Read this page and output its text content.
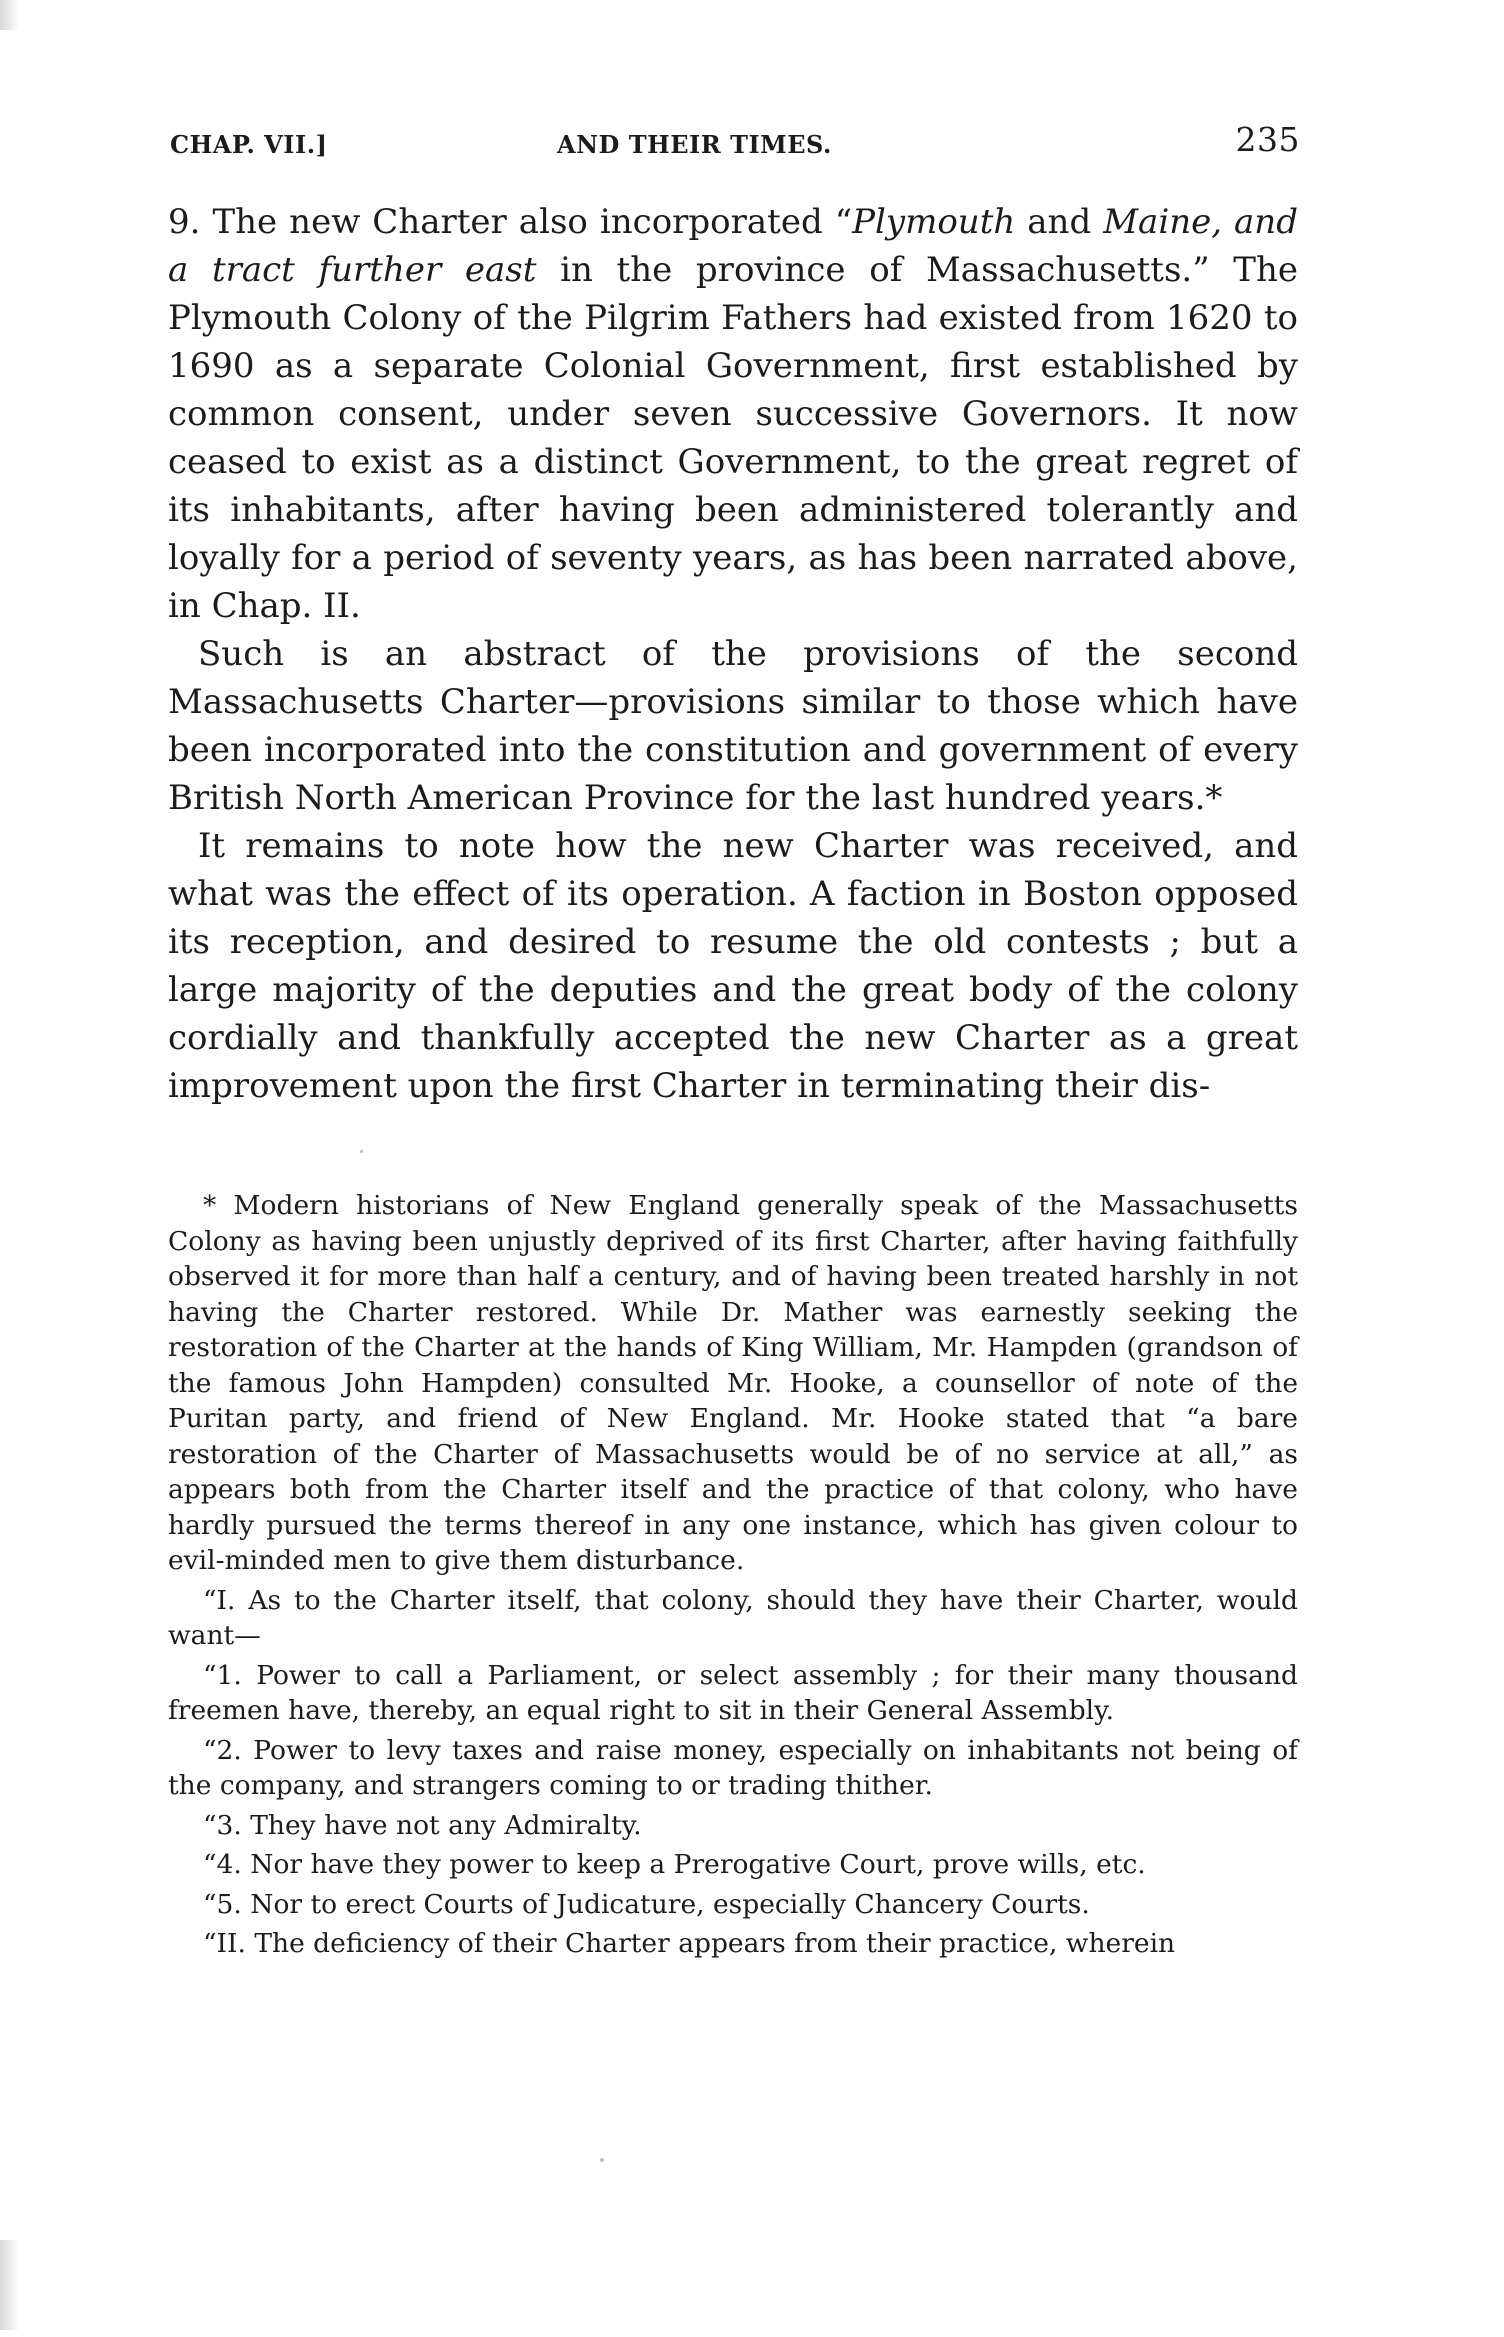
CHAP. VII.]	AND THEIR TIMES.	235

9. The new Charter also incorporated “Plymouth and Maine, and a tract further east in the province of Massachusetts.” The Plymouth Colony of the Pilgrim Fathers had existed from 1620 to 1690 as a separate Colonial Government, first established by common consent, under seven successive Governors. It now ceased to exist as a distinct Government, to the great regret of its inhabitants, after having been administered tolerantly and loyally for a period of seventy years, as has been narrated above, in Chap. II.

Such is an abstract of the provisions of the second Massachusetts Charter—provisions similar to those which have been incorporated into the constitution and government of every British North American Province for the last hundred years.*

It remains to note how the new Charter was received, and what was the effect of its operation. A faction in Boston opposed its reception, and desired to resume the old contests ; but a large majority of the deputies and the great body of the colony cordially and thankfully accepted the new Charter as a great improvement upon the first Charter in terminating their dis-

* Modern historians of New England generally speak of the Massachusetts Colony as having been unjustly deprived of its first Charter, after having faithfully observed it for more than half a century, and of having been treated harshly in not having the Charter restored. While Dr. Mather was earnestly seeking the restoration of the Charter at the hands of King William, Mr. Hampden (grandson of the famous John Hampden) consulted Mr. Hooke, a counsellor of note of the Puritan party, and friend of New England. Mr. Hooke stated that “a bare restoration of the Charter of Massachusetts would be of no service at all,” as appears both from the Charter itself and the practice of that colony, who have hardly pursued the terms thereof in any one instance, which has given colour to evil-minded men to give them disturbance.

“I. As to the Charter itself, that colony, should they have their Charter, would want—

“1. Power to call a Parliament, or select assembly ; for their many thousand freemen have, thereby, an equal right to sit in their General Assembly.

“2. Power to levy taxes and raise money, especially on inhabitants not being of the company, and strangers coming to or trading thither.

“3. They have not any Admiralty.

“4. Nor have they power to keep a Prerogative Court, prove wills, etc.

“5. Nor to erect Courts of Judicature, especially Chancery Courts.

“II. The deficiency of their Charter appears from their practice, wherein
